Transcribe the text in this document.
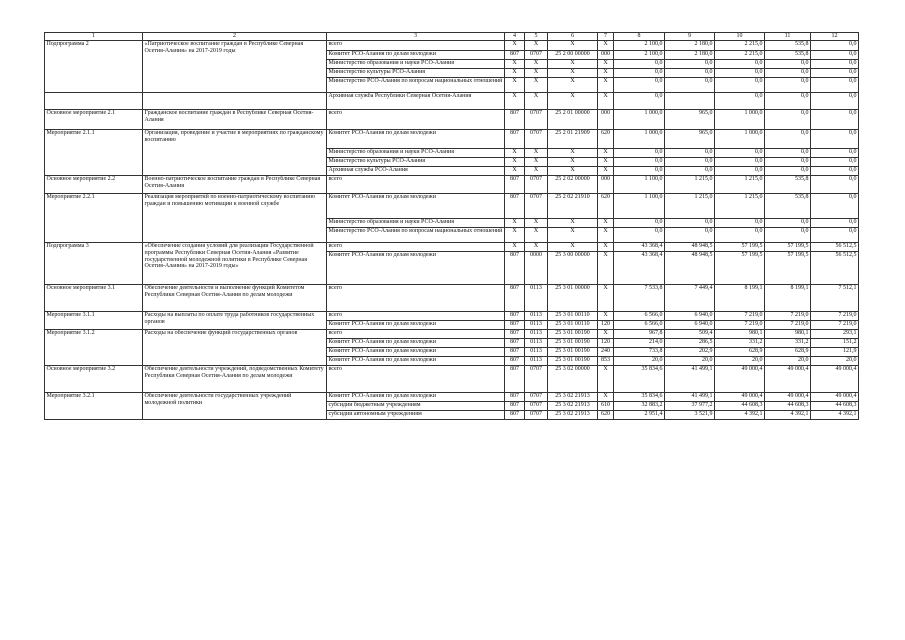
1	2	3	4	5	6	7	8	9	10	11	12
Подпрограмма 2	«Патриотическое воспитание граждан в Республике Северная Осетия-Алания» на 2017-2019 годы	всего	Х	Х	Х	Х	2 100,0	2 180,0	2 215,0	535,8	0,0
		Комитет РСО-Алания по делам молодежи	807	0707	25 2 00 00000	000	2 100,0	2 180,0	2 215,0	535,8	0,0
		Министерство образования и науки РСО-Алания	Х	Х	Х	Х	0,0	0,0	0,0	0,0	0,0
		Министерство культуры РСО-Алания	Х	Х	Х	Х	0,0	0,0	0,0	0,0	0,0
		Министерство РСО-Алания по вопросам национальных отношений	Х	Х	Х	Х	0,0	0,0	0,0	0,0	0,0
		Архивная служба Республики Северная Осетия-Алания	Х	Х	Х	Х	0,0		0,0	0,0	0,0
Основное мероприятие 2.1	Гражданское воспитание граждан в Республике Северная Осетия-Алания	всего	807	0707	25 2 01 00000	000	1 000,0	965,0	1 000,0	0,0	0,0
Мероприятие 2.1.1	Организация, проведение и участие в мероприятиях по гражданскому воспитанию	Комитет РСО-Алания по делам молодежи	807	0707	25 2 01 21909	620	1 000,0	965,0	1 000,0	0,0	0,0
		Министерство образования и науки РСО-Алания	Х	Х	Х	Х	0,0	0,0	0,0	0,0	0,0
		Министерство культуры РСО-Алания	Х	Х	Х	Х	0,0	0,0	0,0	0,0	0,0
		Архивная служба РСО-Алания	Х	Х	Х	Х	0,0	0,0	0,0	0,0	0,0
Основное мероприятие 2.2	Военно-патриотическое воспитание граждан в Республике Северная Осетия-Алания	всего	807	0707	25 2 02 00000	000	1 100,0	1 215,0	1 215,0	535,8	0,0
Мероприятие 2.2.1	Реализация мероприятий по военно-патриотическому воспитанию граждан и повышению мотивации к военной службе	Комитет РСО-Алания по делам молодежи	807	0707	25 2 02 21910	620	1 100,0	1 215,0	1 215,0	535,8	0,0
		Министерство образования и науки РСО-Алания	Х	Х	Х	Х	0,0	0,0	0,0	0,0	0,0
		Министерство РСО-Алания по вопросам национальных отношений	Х	Х	Х	Х	0,0	0,0	0,0	0,0	0,0
Подпрограмма 3	«Обеспечение создания условий для реализации Государственной программы Республики Северная Осетия-Алания «Развитие государственной молодежной политики в Республике Северная Осетия-Алания» на 2017-2019 годы»	всего	Х	Х	Х	Х	43 368,4	48 948,5	57 199,5	57 199,5	56 512,5
		Комитет РСО-Алания по делам молодежи	807	0000	25 3 00 00000	Х	43 368,4	48 948,5	57 199,5	57 199,5	56 512,5
Основное мероприятие 3.1	Обеспечение деятельности и выполнение функций Комитетом Республики Северная Осетия-Алания по делам молодежи	всего	807	0113	25 3 01 00000	Х	7 533,8	7 449,4	8 199,1	8 199,1	7 512,1
Мероприятие 3.1.1	Расходы на выплаты по оплате труда работников государственных органов	всего	807	0113	25 3 01 00110	Х	6 566,0	6 940,0	7 219,0	7 219,0	7 219,0
		Комитет РСО-Алания по делам молодежи	807	0113	25 3 01 00110	120	6 566,0	6 940,0	7 219,0	7 219,0	7 219,0
Мероприятие 3.1.2	Расходы на обеспечение функций государственных органов	всего	807	0113	25 3 01 00190	Х	967,8	509,4	980,1	980,1	293,1
		Комитет РСО-Алания по делам молодежи	807	0113	25 3 01 00190	120	214,0	286,5	331,2	331,2	151,2
		Комитет РСО-Алания по делам молодежи	807	0113	25 3 01 00190	240	733,8	202,9	628,9	628,9	121,9
		Комитет РСО-Алания по делам молодежи	807	0113	25 3 01 00190	853	20,0	20,0	20,0	20,0	20,0
Основное мероприятие 3.2	Обеспечение деятельности учреждений, подведомственных Комитету Республики Северная Осетия-Алания по делам молодежи	всего	807	0707	25 3 02 00000	Х	35 834,6	41 499,1	49 000,4	49 000,4	49 000,4
Мероприятие 3.2.1	Обеспечение деятельности государственных учреждений молодежной политики	Комитет РСО-Алания по делам молодежи	807	0707	25 3 02 21913	Х	35 834,6	41 499,1	49 000,4	49 000,4	49 000,4
		субсидии бюджетным учреждениям	807	0707	25 3 02 21913	610	32 883,2	37 977,2	44 608,3	44 608,3	44 608,3
		субсидии автономным учреждениям	807	0707	25 3 02 21913	620	2 951,4	3 521,9	4 392,1	4 392,1	4 392,1
